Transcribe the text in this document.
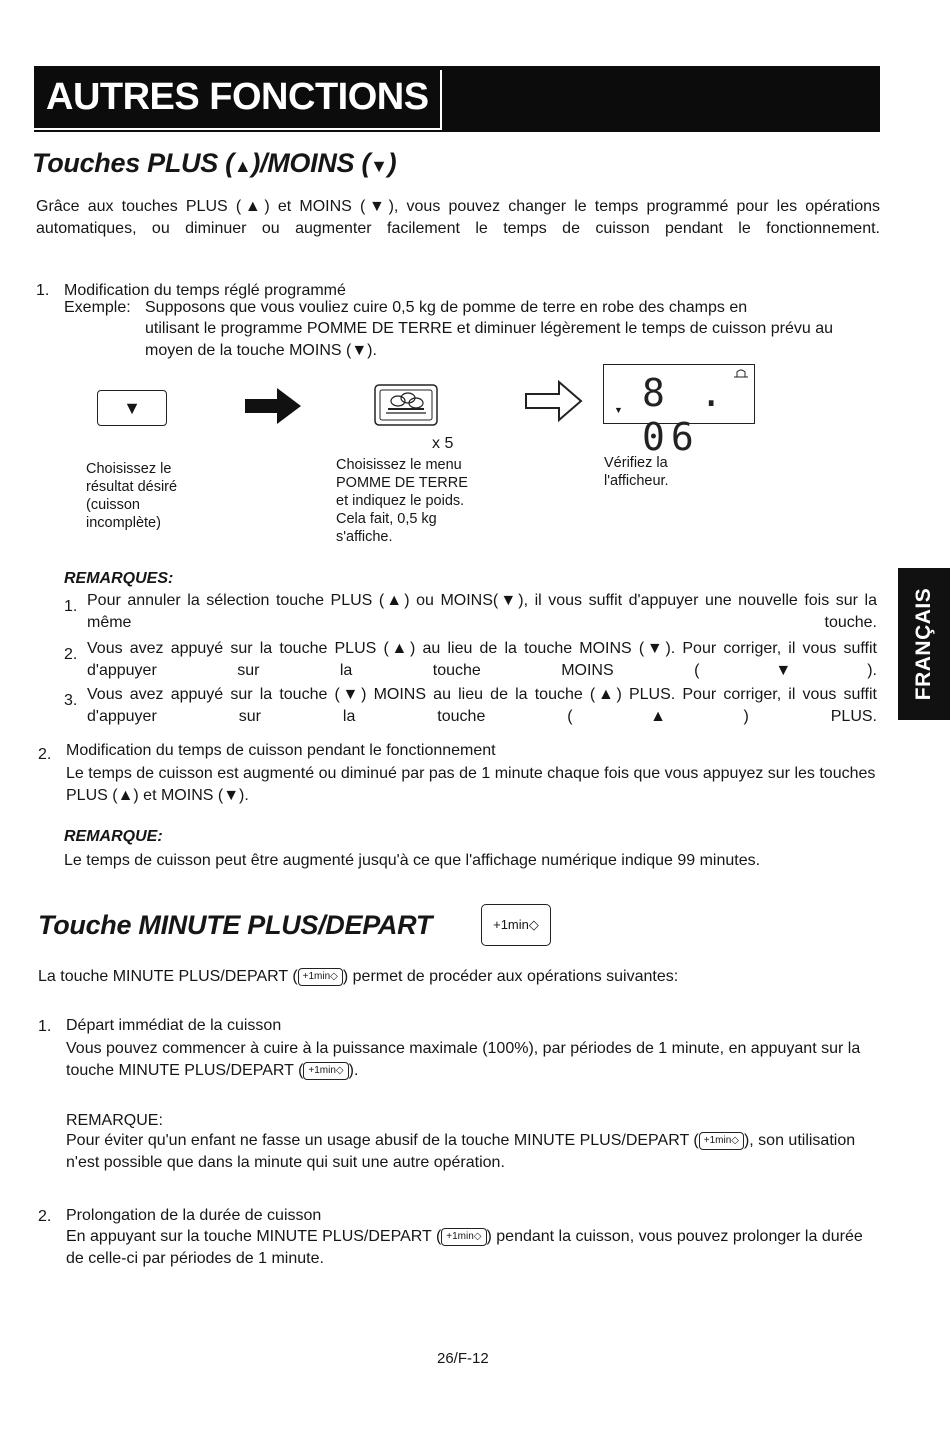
AUTRES FONCTIONS
Touches PLUS (▲)/MOINS (▼)
Grâce aux touches PLUS (▲) et MOINS (▼), vous pouvez changer le temps programmé pour les opérations automatiques, ou diminuer ou augmenter facilement le temps de cuisson pendant le fonctionnement.
1. Modification du temps réglé programmé
Exemple: Supposons que vous vouliez cuire 0,5 kg de pomme de terre en robe des champs en
utilisant le programme POMME DE TERRE et diminuer légèrement le temps de cuisson prévu au moyen de la touche MOINS (▼).
▼
x 5
8 . 06
▼
Choisissez le
résultat désiré
(cuisson
incomplète)
Choisissez le menu
POMME DE TERRE
et indiquez le poids.
Cela fait, 0,5 kg
s'affiche.
Vérifiez la
l'afficheur.
REMARQUES:
1. Pour annuler la sélection touche PLUS (▲) ou MOINS(▼), il vous suffit d'appuyer une nouvelle fois sur la même touche.
2. Vous avez appuyé sur la touche PLUS (▲) au lieu de la touche MOINS (▼). Pour corriger, il vous suffit d'appuyer sur la touche MOINS (▼).
3. Vous avez appuyé sur la touche (▼) MOINS au lieu de la touche (▲) PLUS. Pour corriger, il vous suffit d'appuyer sur la touche (▲) PLUS.
2. Modification du temps de cuisson pendant le fonctionnement
Le temps de cuisson est augmenté ou diminué par pas de 1 minute chaque fois que vous appuyez sur les touches PLUS (▲) et MOINS (▼).
REMARQUE:
Le temps de cuisson peut être augmenté jusqu'à ce que l'affichage numérique indique 99 minutes.
Touche MINUTE PLUS/DEPART	+1min◇
La touche MINUTE PLUS/DEPART ( +1min◇ ) permet de procéder aux opérations suivantes:
1. Départ immédiat de la cuisson
Vous pouvez commencer à cuire à la puissance maximale (100%), par périodes de 1 minute, en appuyant sur la touche MINUTE PLUS/DEPART ( +1min◇ ).
REMARQUE:
Pour éviter qu'un enfant ne fasse un usage abusif de la touche MINUTE PLUS/DEPART ( +1min◇ ), son utilisation n'est possible que dans la minute qui suit une autre opération.
2. Prolongation de la durée de cuisson
En appuyant sur la touche MINUTE PLUS/DEPART ( +1min◇ ) pendant la cuisson, vous pouvez prolonger la durée de celle-ci par périodes de 1 minute.
FRANÇAIS
26/F-12
